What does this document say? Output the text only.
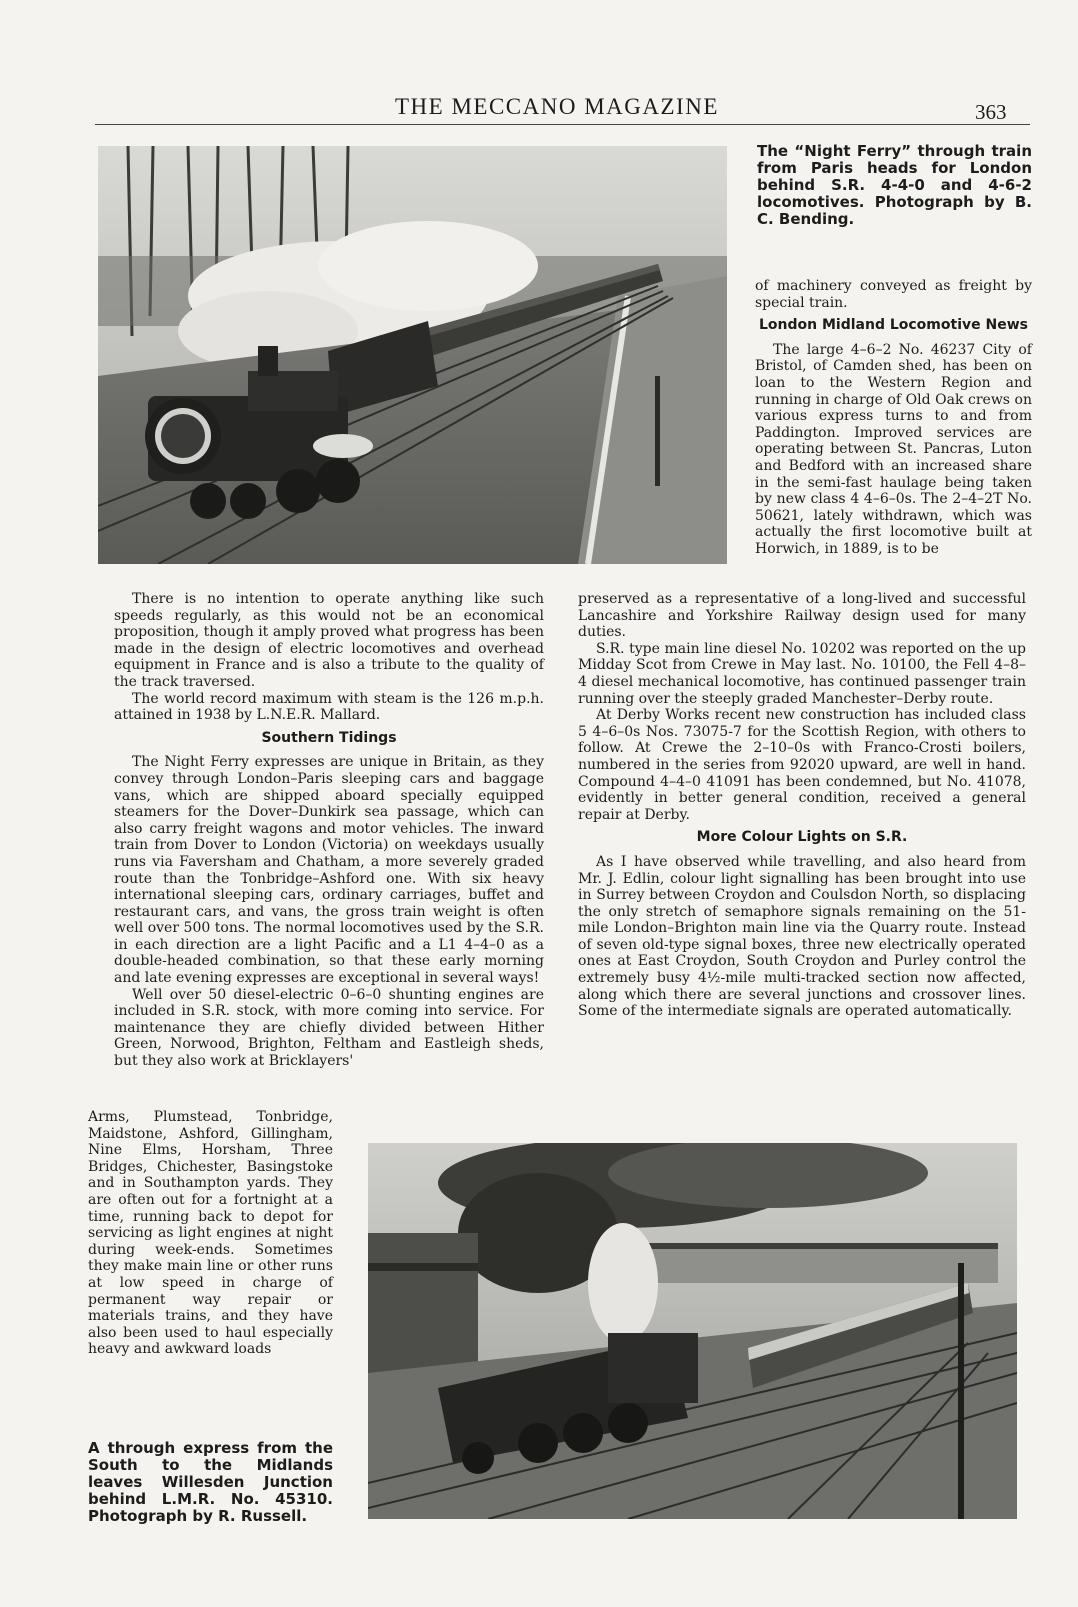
THE MECCANO MAGAZINE	363
The “Night Ferry” through train from Paris heads for London behind S.R. 4-4-0 and 4-6-2 locomotives. Photograph by B. C. Bending.

of machinery conveyed as freight by special train.

London Midland Locomotive News

The large 4–6–2 No. 46237 City of Bristol, of Camden shed, has been on loan to the Western Region and running in charge of Old Oak crews on various express turns to and from Paddington. Improved services are operating between St. Pancras, Luton and Bedford with an increased share in the semi-fast haulage being taken by new class 4 4–6–0s. The 2–4–2T No. 50621, lately withdrawn, which was actually the first locomotive built at Horwich, in 1889, is to be

There is no intention to operate anything like such speeds regularly, as this would not be an economical proposition, though it amply proved what progress has been made in the design of electric locomotives and overhead equipment in France and is also a tribute to the quality of the track traversed.

The world record maximum with steam is the 126 m.p.h. attained in 1938 by L.N.E.R. Mallard.

Southern Tidings

The Night Ferry expresses are unique in Britain, as they convey through London–Paris sleeping cars and baggage vans, which are shipped aboard specially equipped steamers for the Dover–Dunkirk sea passage, which can also carry freight wagons and motor vehicles. The inward train from Dover to London (Victoria) on weekdays usually runs via Faversham and Chatham, a more severely graded route than the Tonbridge–Ashford one. With six heavy international sleeping cars, ordinary carriages, buffet and restaurant cars, and vans, the gross train weight is often well over 500 tons. The normal locomotives used by the S.R. in each direction are a light Pacific and a L1 4–4–0 as a double-headed combination, so that these early morning and late evening expresses are exceptional in several ways!

Well over 50 diesel-electric 0–6–0 shunting engines are included in S.R. stock, with more coming into service. For maintenance they are chiefly divided between Hither Green, Norwood, Brighton, Feltham and Eastleigh sheds, but they also work at Bricklayers'

preserved as a representative of a long-lived and successful Lancashire and Yorkshire Railway design used for many duties.

S.R. type main line diesel No. 10202 was reported on the up Midday Scot from Crewe in May last. No. 10100, the Fell 4–8–4 diesel mechanical locomotive, has continued passenger train running over the steeply graded Manchester–Derby route.

At Derby Works recent new construction has included class 5 4–6–0s Nos. 73075-7 for the Scottish Region, with others to follow. At Crewe the 2–10–0s with Franco-Crosti boilers, numbered in the series from 92020 upward, are well in hand. Compound 4–4–0 41091 has been condemned, but No. 41078, evidently in better general condition, received a general repair at Derby.

More Colour Lights on S.R.

As I have observed while travelling, and also heard from Mr. J. Edlin, colour light signalling has been brought into use in Surrey between Croydon and Coulsdon North, so displacing the only stretch of semaphore signals remaining on the 51-mile London–Brighton main line via the Quarry route. Instead of seven old-type signal boxes, three new electrically operated ones at East Croydon, South Croydon and Purley control the extremely busy 4½-mile multi-tracked section now affected, along which there are several junctions and crossover lines. Some of the intermediate signals are operated automatically.

Arms, Plumstead, Tonbridge, Maidstone, Ashford, Gillingham, Nine Elms, Horsham, Three Bridges, Chichester, Basingstoke and in Southampton yards. They are often out for a fortnight at a time, running back to depot for servicing as light engines at night during week-ends. Sometimes they make main line or other runs at low speed in charge of permanent way repair or materials trains, and they have also been used to haul especially heavy and awkward loads

A through express from the South to the Midlands leaves Willesden Junction behind L.M.R. No. 45310. Photograph by R. Russell.
